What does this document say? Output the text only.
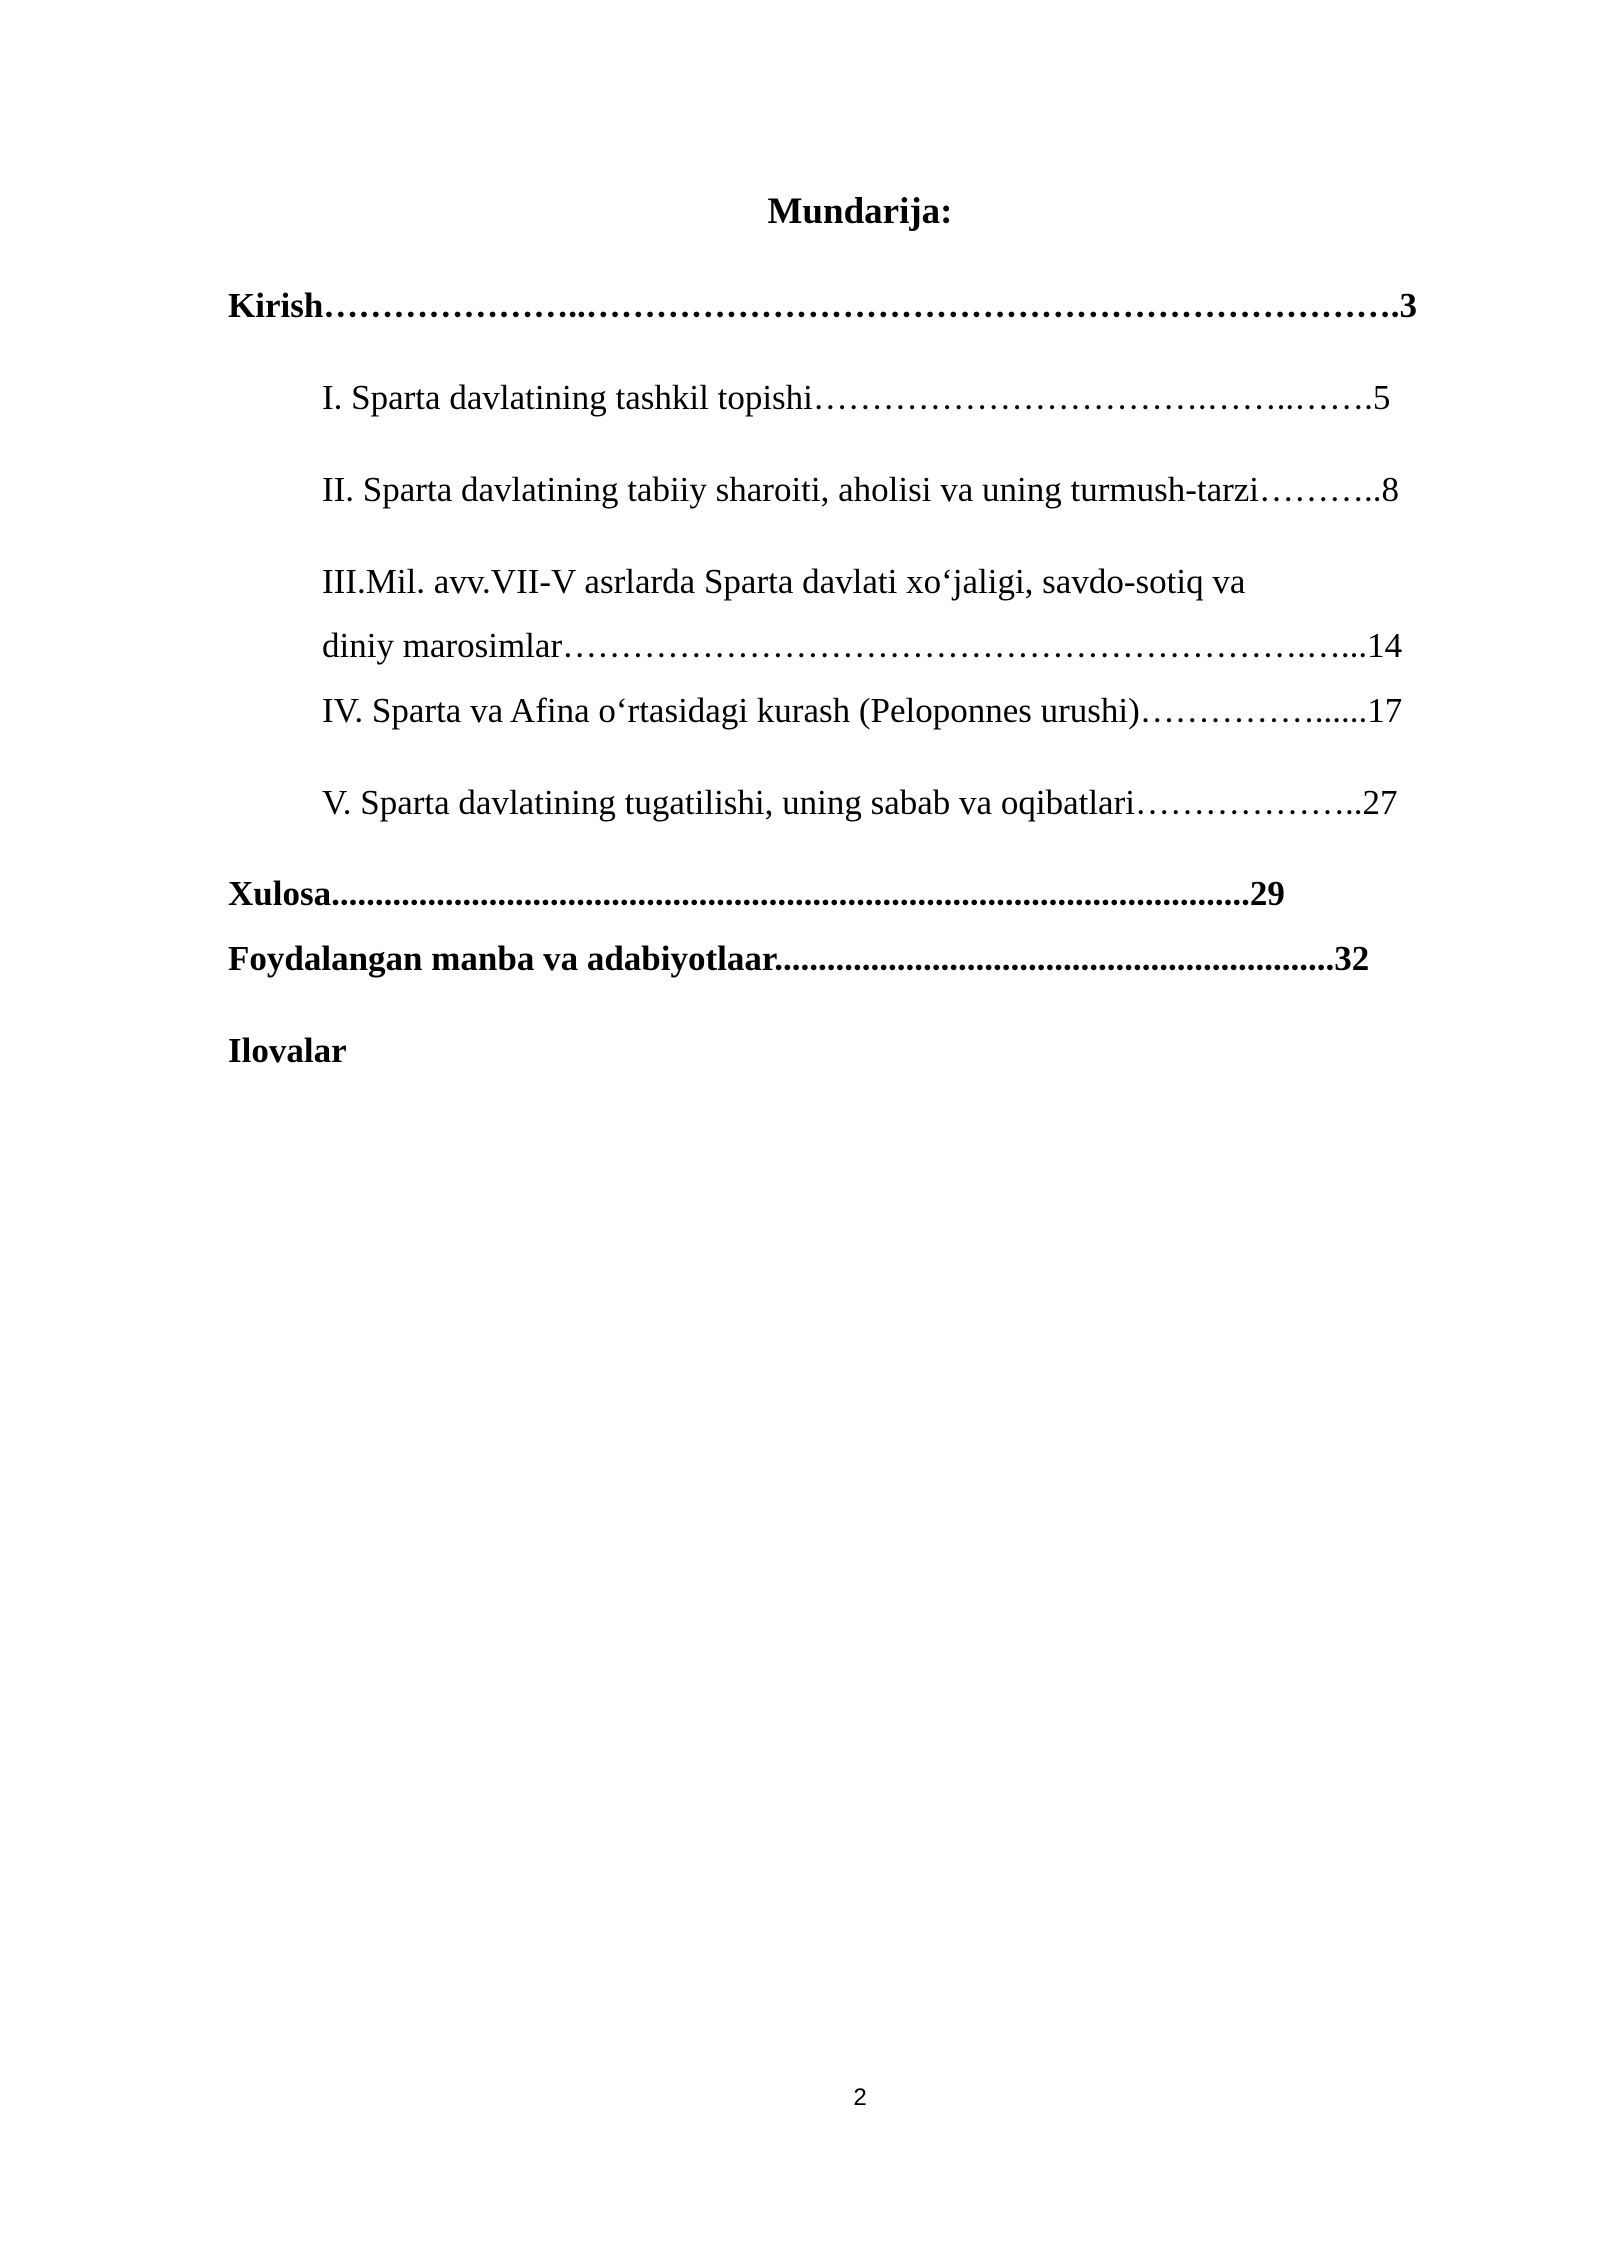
Mundarija:
Kirish…………………..…………………………………………………………….3
I. Sparta davlatining tashkil topishi…………………………….……..…….5
II. Sparta davlatining tabiiy sharoiti, aholisi va uning turmush-tarzi………..8
III.Mil. avv.VII-V asrlarda Sparta davlati xo‘jaligi, savdo-sotiq va
diniy marosimlar……………………………………………………….…...14
IV. Sparta va Afina o‘rtasidagi kurash (Peloponnes urushi)……………......17
V. Sparta davlatining tugatilishi, uning sabab va oqibatlari………………..27
Xulosa.........................................................................................................29
Foydalangan manba va adabiyotlaar................................................................32
Ilovalar
2
